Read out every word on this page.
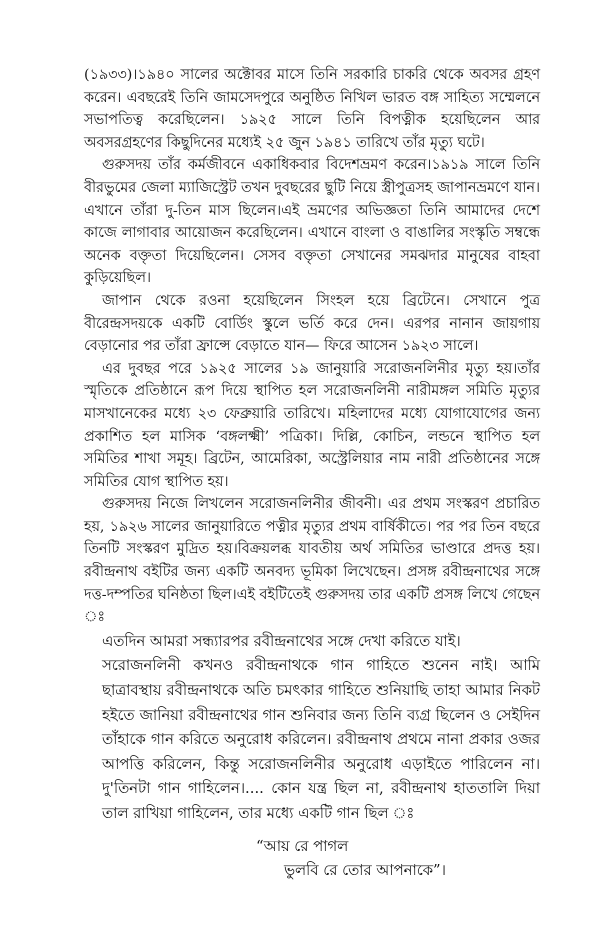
(১৯৩৩)।১৯৪০ সালের অক্টোবর মাসে তিনি সরকারি চাকরি থেকে অবসর গ্রহণ করেন। এবছরেই তিনি জামসেদপুরে অনুষ্ঠিত নিখিল ভারত বঙ্গ সাহিত্য সম্মেলনে সভাপতিত্ব করেছিলেন। ১৯২৫ সালে তিনি বিপত্নীক হয়েছিলেন আর অবসরগ্রহণের কিছুদিনের মধ্যেই ২৫ জুন ১৯৪১ তারিখে তাঁর মৃত্যু ঘটে।

গুরুসদয় তাঁর কর্মজীবনে একাধিকবার বিদেশভ্রমণ করেন।১৯১৯ সালে তিনি বীরভুমের জেলা ম্যাজিস্ট্রেট তখন দুবছরের ছুটি নিয়ে স্ত্রীপুত্রসহ জাপানভ্রমণে যান। এখানে তাঁরা দু-তিন মাস ছিলেন।এই ভ্রমণের অভিজ্ঞতা তিনি আমাদের দেশে কাজে লাগাবার আয়োজন করেছিলেন। এখানে বাংলা ও বাঙালির সংস্কৃতি সম্বন্ধে অনেক বক্তৃতা দিয়েছিলেন। সেসব বক্তৃতা সেখানের সমঝদার মানুষের বাহবা কুড়িয়েছিল।

জাপান থেকে রওনা হয়েছিলেন সিংহল হয়ে ব্রিটেনে। সেখানে পুত্র বীরেন্দ্রসদয়কে একটি বোর্ডিং স্কুলে ভর্তি করে দেন। এরপর নানান জায়গায় বেড়ানোর পর তাঁরা ফ্রান্সে বেড়াতে যান— ফিরে আসেন ১৯২৩ সালে।

এর দুবছর পরে ১৯২৫ সালের ১৯ জানুয়ারি সরোজনলিনীর মৃত্যু হয়।তাঁর স্মৃতিকে প্রতিষ্ঠানে রূপ দিয়ে স্থাপিত হল সরোজনলিনী নারীমঙ্গল সমিতি মৃত্যুর মাসখানেকের মধ্যে ২৩ ফেব্রুয়ারি তারিখে। মহিলাদের মধ্যে যোগাযোগের জন্য প্রকাশিত হল মাসিক ‘বঙ্গলক্ষ্মী’ পত্রিকা। দিল্লি, কোচিন, লন্ডনে স্থাপিত হল সমিতির শাখা সমূহ। ব্রিটেন, আমেরিকা, অস্ট্রেলিয়ার নাম নারী প্রতিষ্ঠানের সঙ্গে সমিতির যোগ স্থাপিত হয়।

গুরুসদয় নিজে লিখলেন সরোজনলিনীর জীবনী। এর প্রথম সংস্করণ প্রচারিত হয়, ১৯২৬ সালের জানুয়ারিতে পত্নীর মৃত্যুর প্রথম বার্ষিকীতে। পর পর তিন বছরে তিনটি সংস্করণ মুদ্রিত হয়।বিক্রয়লব্ধ যাবতীয় অর্থ সমিতির ভাণ্ডারে প্রদত্ত হয়।রবীন্দ্রনাথ বইটির জন্য একটি অনবদ্য ভূমিকা লিখেছেন। প্রসঙ্গ রবীন্দ্রনাথের সঙ্গে দত্ত-দম্পতির ঘনিষ্ঠতা ছিল।এই বইটিতেই গুরুসদয় তার একটি প্রসঙ্গ লিখে গেছেন ঃ

এতদিন আমরা সন্ধ্যারপর রবীন্দ্রনাথের সঙ্গে দেখা করিতে যাই।
সরোজনলিনী কখনও রবীন্দ্রনাথকে গান গাহিতে শুনেন নাই। আমি ছাত্রাবস্থায় রবীন্দ্রনাথকে অতি চমৎকার গাহিতে শুনিয়াছি তাহা আমার নিকট হইতে জানিয়া রবীন্দ্রনাথের গান শুনিবার জন্য তিনি ব্যগ্র ছিলেন ও সেইদিন তাঁহাকে গান করিতে অনুরোধ করিলেন। রবীন্দ্রনাথ প্রথমে নানা প্রকার ওজর আপত্তি করিলেন, কিন্তু সরোজনলিনীর অনুরোধ এড়াইতে পারিলেন না। দু'তিনটা গান গাহিলেন।.... কোন যন্ত্র ছিল না, রবীন্দ্রনাথ হাততালি দিয়া তাল রাখিয়া গাহিলেন, তার মধ্যে একটি গান ছিল ঃ
“আয় রে পাগল
ভুলবি রে তোর আপনাকে”।
